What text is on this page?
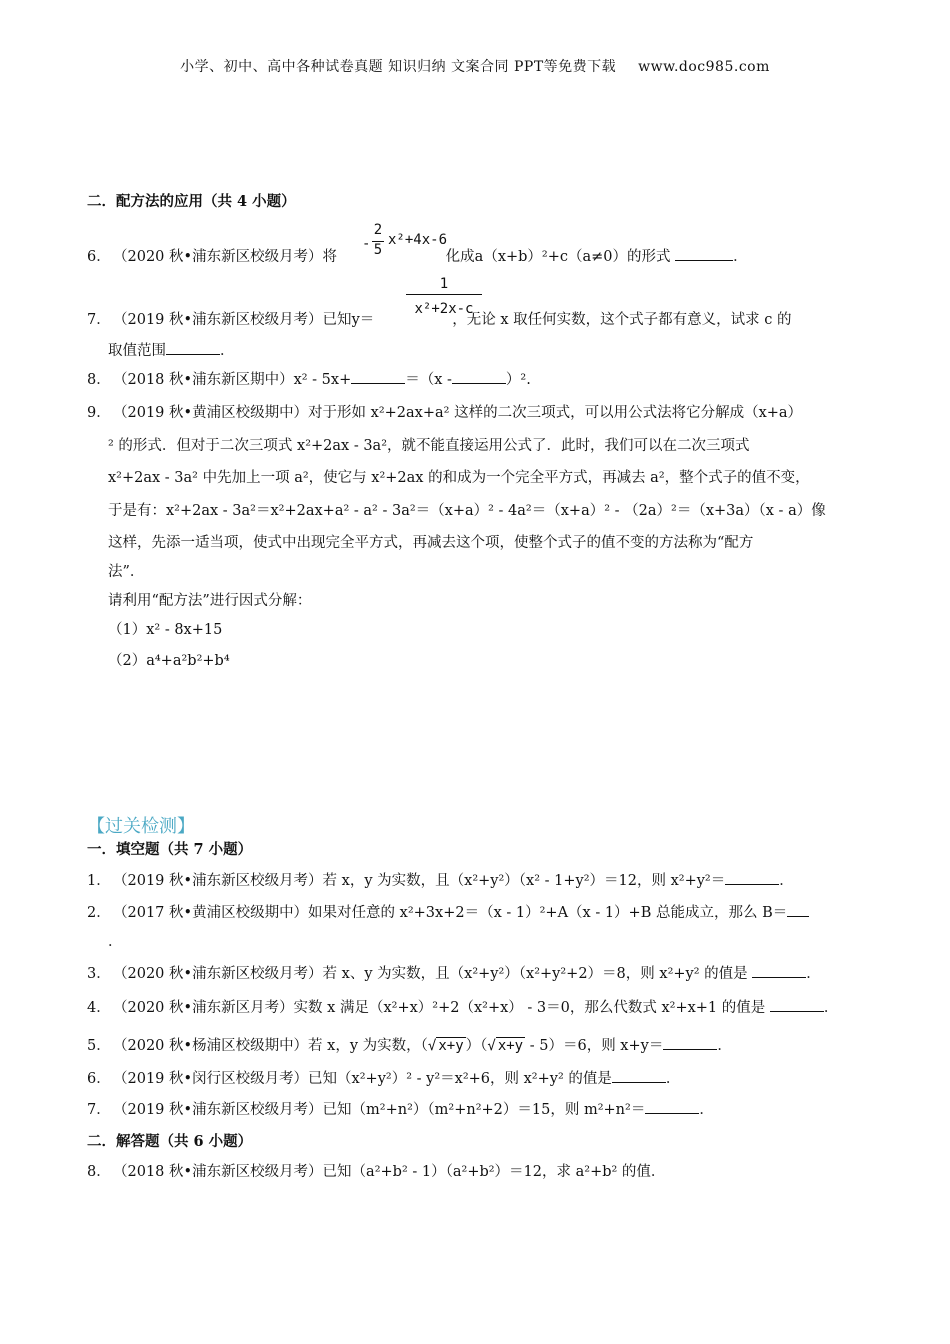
小学、初中、高中各种试卷真题 知识归纳 文案合同 PPT等免费下载 www.doc985.com
二．配方法的应用（共 4 小题）
6． （2020 秋•浦东新区校级月考）将	化成a（x+b）²+c（a≠0）的形式	．
-
2
5
x²+4x-6
7． （2019 秋•浦东新区校级月考）已知y＝	，无论 x 取任何实数，这个式子都有意义，试求 c 的
1
x²+2x-c
取值范围	．
8． （2018 秋•浦东新区期中）x² - 5x+	＝（x -	）².
9． （2019 秋•黄浦区校级期中）对于形如 x²+2ax+a² 这样的二次三项式，可以用公式法将它分解成（x+a）
² 的形式．但对于二次三项式 x²+2ax - 3a²，就不能直接运用公式了．此时，我们可以在二次三项式
x²+2ax - 3a² 中先加上一项 a²，使它与 x²+2ax 的和成为一个完全平方式，再减去 a²，整个式子的值不变，
于是有：x²+2ax - 3a²＝x²+2ax+a² - a² - 3a²＝（x+a）² - 4a²＝（x+a）² - （2a）²＝（x+3a）（x - a）像
这样，先添一适当项，使式中出现完全平方式，再减去这个项，使整个式子的值不变的方法称为“配方
法”．
请利用“配方法”进行因式分解：
（1）x² - 8x+15
（2）a⁴+a²b²+b⁴
【过关检测】
一．填空题（共 7 小题）
1． （2019 秋•浦东新区校级月考）若 x，y 为实数，且（x²+y²）（x² - 1+y²）＝12，则 x²+y²＝	．
2． （2017 秋•黄浦区校级期中）如果对任意的 x²+3x+2＝（x - 1）²+A（x - 1）+B 总能成立，那么 B＝
．
3． （2020 秋•浦东新区校级月考）若 x、y 为实数，且（x²+y²）（x²+y²+2）＝8，则 x²+y² 的值是	．
4． （2020 秋•浦东新区月考）实数 x 满足（x²+x）²+2（x²+x） - 3＝0，那么代数式 x²+x+1 的值是	．
5． （2020 秋•杨浦区校级期中）若 x，y 为实数，（√ x+y ）（√ x+y - 5）＝6，则 x+y＝	．
6． （2019 秋•闵行区校级月考）已知（x²+y²）² - y²＝x²+6，则 x²+y² 的值是	．
7． （2019 秋•浦东新区校级月考）已知（m²+n²）（m²+n²+2）＝15，则 m²+n²＝	．
二．解答题（共 6 小题）
8． （2018 秋•浦东新区校级月考）已知（a²+b² - 1）（a²+b²）＝12，求 a²+b² 的值．
